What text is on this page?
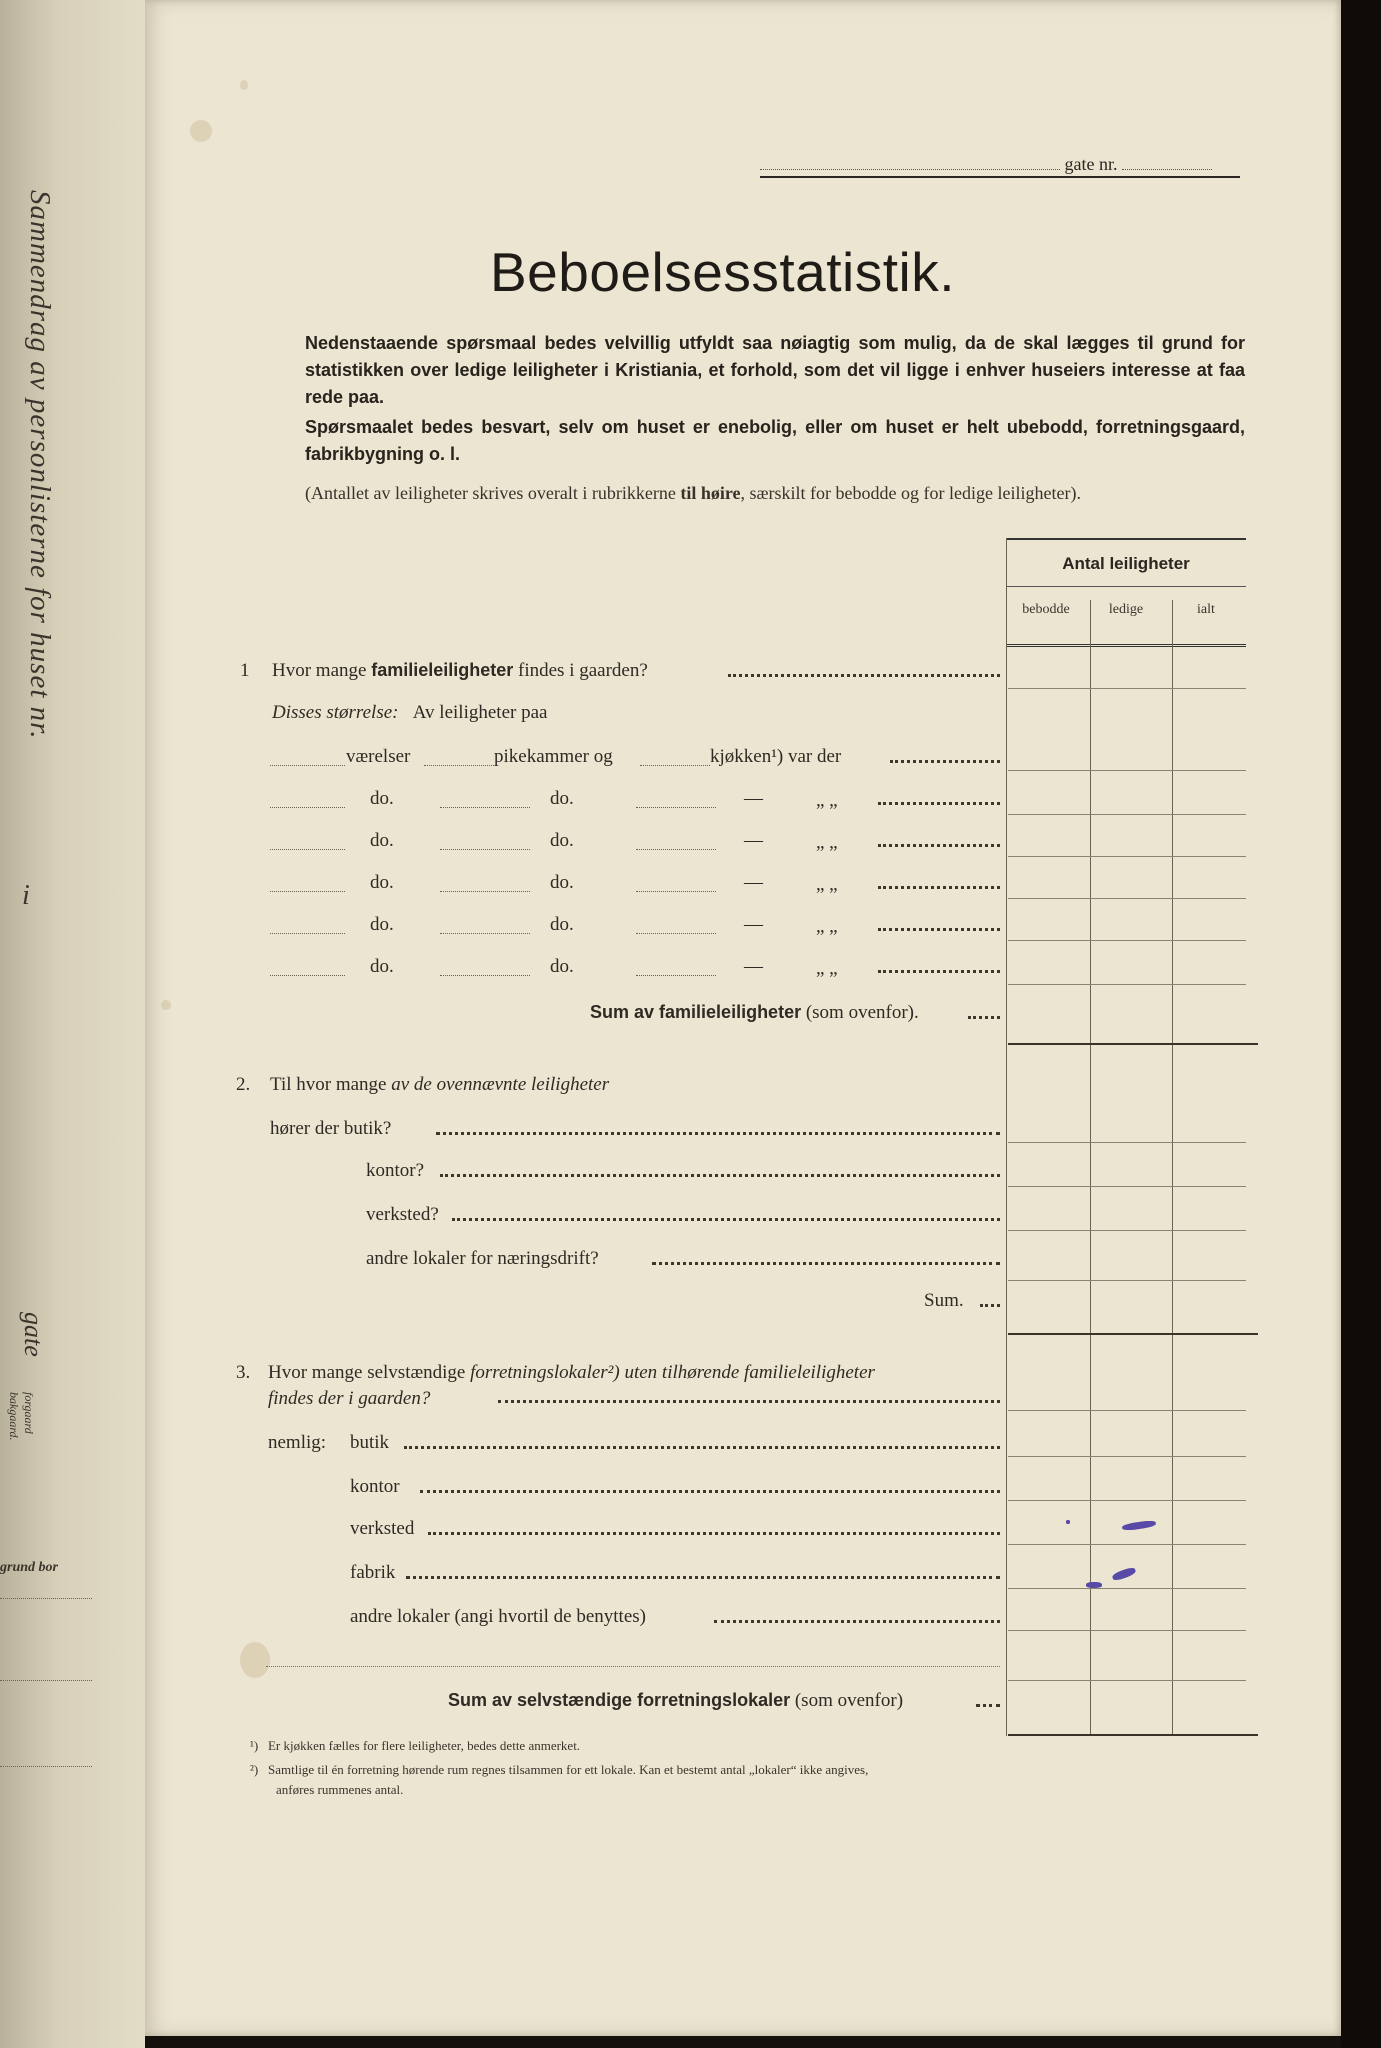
Sammendrag av personlisterne for huset nr.
i
gate
forgaard
bakgaard.
grund bor
gate nr.
Beboelsesstatistik.

Nedenstaaende spørsmaal bedes velvillig utfyldt saa nøiagtig som mulig, da de skal lægges til grund for statistikken over ledige leiligheter i Kristiania, et forhold, som det vil ligge i enhver huseiers interesse at faa rede paa.

Spørsmaalet bedes besvart, selv om huset er enebolig, eller om huset er helt ubebodd, forretningsgaard, fabrikbygning o. l.

(Antallet av leiligheter skrives overalt i rubrikkerne til høire, særskilt for bebodde og for ledige leiligheter).
Antal leiligheter
bebodde	ledige	ialt
1 Hvor mange familieleiligheter findes i gaarden?
Disses størrelse: Av leiligheter paa
værelser	pikekammer og	kjøkken¹) var der
do.	do.	—	„ „
do.	do.	—	„ „
do.	do.	—	„ „
do.	do.	—	„ „
do.	do.	—	„ „
Sum av familieleiligheter (som ovenfor).
2. Til hvor mange av de ovennævnte leiligheter
hører der butik?
kontor?
verksted?
andre lokaler for næringsdrift?
Sum.
3. Hvor mange selvstændige forretningslokaler²) uten tilhørende familieleiligheter
findes der i gaarden?
nemlig: butik
kontor
verksted
fabrik
andre lokaler (angi hvortil de benyttes)
Sum av selvstændige forretningslokaler (som ovenfor)
¹) Er kjøkken fælles for flere leiligheter, bedes dette anmerket.
²) Samtlige til én forretning hørende rum regnes tilsammen for ett lokale. Kan et bestemt antal „lokaler“ ikke angives,
anføres rummenes antal.
